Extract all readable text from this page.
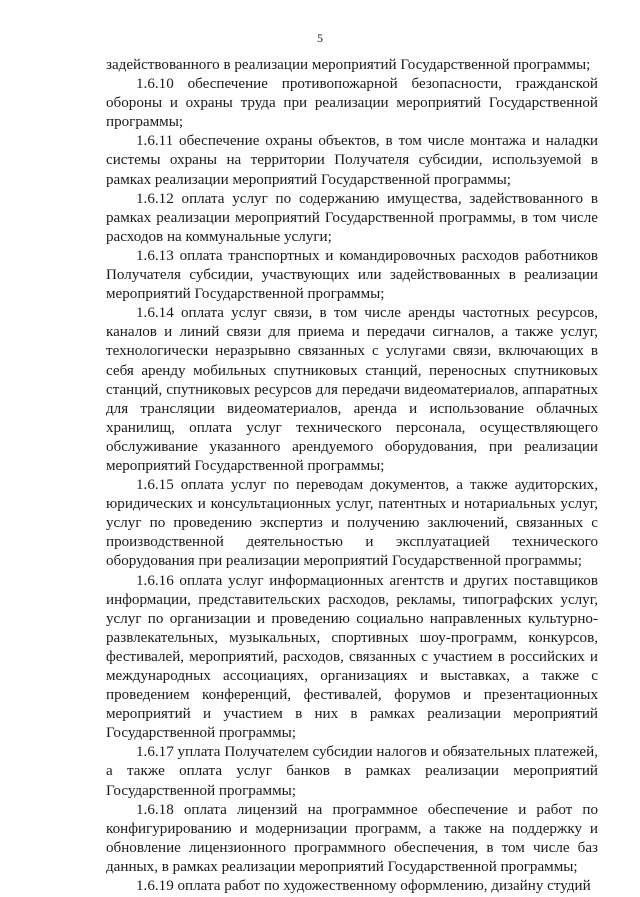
5

задействованного в реализации мероприятий Государственной программы;

1.6.10 обеспечение противопожарной безопасности, гражданской обороны и охраны труда при реализации мероприятий Государственной программы;

1.6.11 обеспечение охраны объектов, в том числе монтажа и наладки системы охраны на территории Получателя субсидии, используемой в рамках реализации мероприятий Государственной программы;

1.6.12 оплата услуг по содержанию имущества, задействованного в рамках реализации мероприятий Государственной программы, в том числе расходов на коммунальные услуги;

1.6.13 оплата транспортных и командировочных расходов работников Получателя субсидии, участвующих или задействованных в реализации мероприятий Государственной программы;

1.6.14 оплата услуг связи, в том числе аренды частотных ресурсов, каналов и линий связи для приема и передачи сигналов, а также услуг, технологически неразрывно связанных с услугами связи, включающих в себя аренду мобильных спутниковых станций, переносных спутниковых станций, спутниковых ресурсов для передачи видеоматериалов, аппаратных для трансляции видеоматериалов, аренда и использование облачных хранилищ, оплата услуг технического персонала, осуществляющего обслуживание указанного арендуемого оборудования, при реализации мероприятий Государственной программы;

1.6.15 оплата услуг по переводам документов, а также аудиторских, юридических и консультационных услуг, патентных и нотариальных услуг, услуг по проведению экспертиз и получению заключений, связанных с производственной деятельностью и эксплуатацией технического оборудования при реализации мероприятий Государственной программы;

1.6.16 оплата услуг информационных агентств и других поставщиков информации, представительских расходов, рекламы, типографских услуг, услуг по организации и проведению социально направленных культурно-развлекательных, музыкальных, спортивных шоу-программ, конкурсов, фестивалей, мероприятий, расходов, связанных с участием в российских и международных ассоциациях, организациях и выставках, а также с проведением конференций, фестивалей, форумов и презентационных мероприятий и участием в них в рамках реализации мероприятий Государственной программы;

1.6.17 уплата Получателем субсидии налогов и обязательных платежей, а также оплата услуг банков в рамках реализации мероприятий Государственной программы;

1.6.18 оплата лицензий на программное обеспечение и работ по конфигурированию и модернизации программ, а также на поддержку и обновление лицензионного программного обеспечения, в том числе баз данных, в рамках реализации мероприятий Государственной программы;

1.6.19 оплата работ по художественному оформлению, дизайну студий
